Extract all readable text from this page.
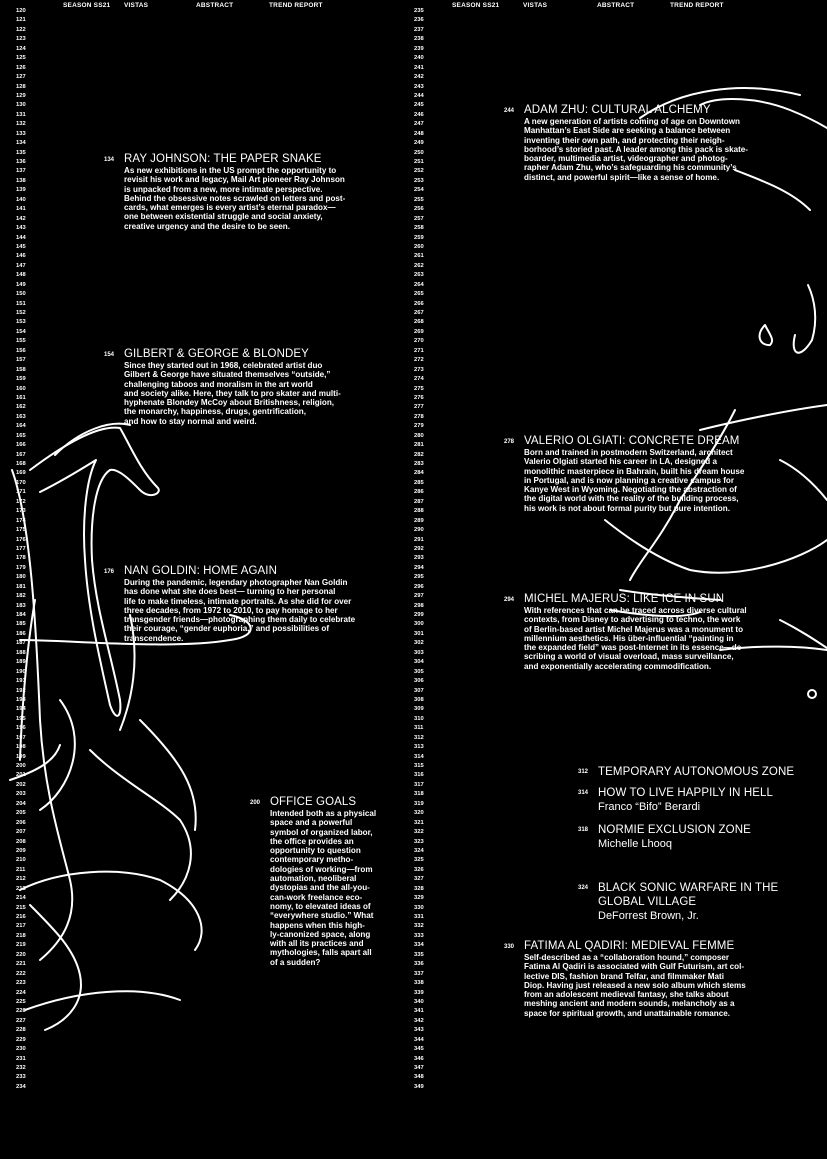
SEASON SS21 VISTAS	ABSTRACT	TREND REPORT	SEASON SS21	VISTAS	ABSTRACT	TREND REPORT
120
121
122
123
124
125
126
127
128
129
130
131
132
133
134
135
136
137
138
139
140
141
142
143
144
145
146
147
148
149
150
151
152
153
154
155
156
157
158
159
160
161
162
163
164
165
166
167
168
169
170
171
172
173
174
175
176
177
178
179
180
181
182
183
184
185
186
187
188
189
190
191
192
193
194
195
196
197
198
199
200
201
202
203
204
205
206
207
208
209
210
211
212
213
214
215
216
217
218
219
220
221
222
223
224
225
226
227
228
229
230
231
232
233
234
235
236
237
238
239
240
241
242
243
244
245
246
247
248
249
250
251
252
253
254
255
256
257
258
259
260
261
262
263
264
265
266
267
268
269
270
271
272
273
274
275
276
277
278
279
280
281
282
283
284
285
286
287
288
289
290
291
292
293
294
295
296
297
298
299
300
301
302
303
304
305
306
307
308
309
310
311
312
313
314
315
316
317
318
319
320
321
322
323
324
325
326
327
328
329
330
331
332
333
334
335
336
337
338
339
340
341
342
343
344
345
346
347
348
349
134 RAY JOHNSON: THE PAPER SNAKE

As new exhibitions in the US prompt the opportunity to
revisit his work and legacy, Mail Art pioneer Ray Johnson
is unpacked from a new, more intimate perspective.
Behind the obsessive notes scrawled on letters and post-
cards, what emerges is every artist’s eternal paradox—
one between existential struggle and social anxiety,
creative urgency and the desire to be seen.

154 GILBERT & GEORGE & BLONDEY

Since they started out in 1968, celebrated artist duo
Gilbert & George have situated themselves “outside,”
challenging taboos and moralism in the art world
and society alike. Here, they talk to pro skater and multi-
hyphenate Blondey McCoy about Britishness, religion,
the monarchy, happiness, drugs, gentrification,
and how to stay normal and weird.

176 NAN GOLDIN: HOME AGAIN

During the pandemic, legendary photographer Nan Goldin
has done what she does best— turning to her personal
life to make timeless, intimate portraits. As she did for over
three decades, from 1972 to 2010, to pay homage to her
transgender friends—photographing them daily to celebrate
their courage, “gender euphoria,” and possibilities of
transcendence.

200 OFFICE GOALS

Intended both as a physical
space and a powerful
symbol of organized labor,
the office provides an
opportunity to question
contemporary metho-
dologies of working—from
automation, neoliberal
dystopias and the all-you-
can-work freelance eco-
nomy, to elevated ideas of
“everywhere studio.” What
happens when this high-
ly-canonized space, along
with all its practices and
mythologies, falls apart all
of a sudden?

244 ADAM ZHU: CULTURAL ALCHEMY

A new generation of artists coming of age on Downtown
Manhattan’s East Side are seeking a balance between
inventing their own path, and protecting their neigh-
borhood’s storied past. A leader among this pack is skate-
boarder, multimedia artist, videographer and photog-
rapher Adam Zhu, who’s safeguarding his community’s
distinct, and powerful spirit—like a sense of home.

278 VALERIO OLGIATI: CONCRETE DREAM

Born and trained in postmodern Switzerland, architect
Valerio Olgiati started his career in LA, designed a
monolithic masterpiece in Bahrain, built his dream house
in Portugal, and is now planning a creative campus for
Kanye West in Wyoming. Negotiating the abstraction of
the digital world with the reality of the building process,
his work is not about formal purity but pure intention.

294 MICHEL MAJERUS: LIKE ICE IN SUN

With references that can be traced across diverse cultural
contexts, from Disney to advertising to techno, the work
of Berlin-based artist Michel Majerus was a monument to
millennium aesthetics. His über-influential “painting in
the expanded field” was post-Internet in its essence—de-
scribing a world of visual overload, mass surveillance,
and exponentially accelerating commodification.

312 TEMPORARY AUTONOMOUS ZONE
314 HOW TO LIVE HAPPILY IN HELL
Franco “Bifo” Berardi
318 NORMIE EXCLUSION ZONE
Michelle Lhooq
324 BLACK SONIC WARFARE IN THE
GLOBAL VILLAGE
DeForrest Brown, Jr.
330 FATIMA AL QADIRI: MEDIEVAL FEMME

Self-described as a “collaboration hound,” composer
Fatima Al Qadiri is associated with Gulf Futurism, art col-
lective DIS, fashion brand Telfar, and filmmaker Mati
Diop. Having just released a new solo album which stems
from an adolescent medieval fantasy, she talks about
meshing ancient and modern sounds, melancholy as a
space for spiritual growth, and unattainable romance.
